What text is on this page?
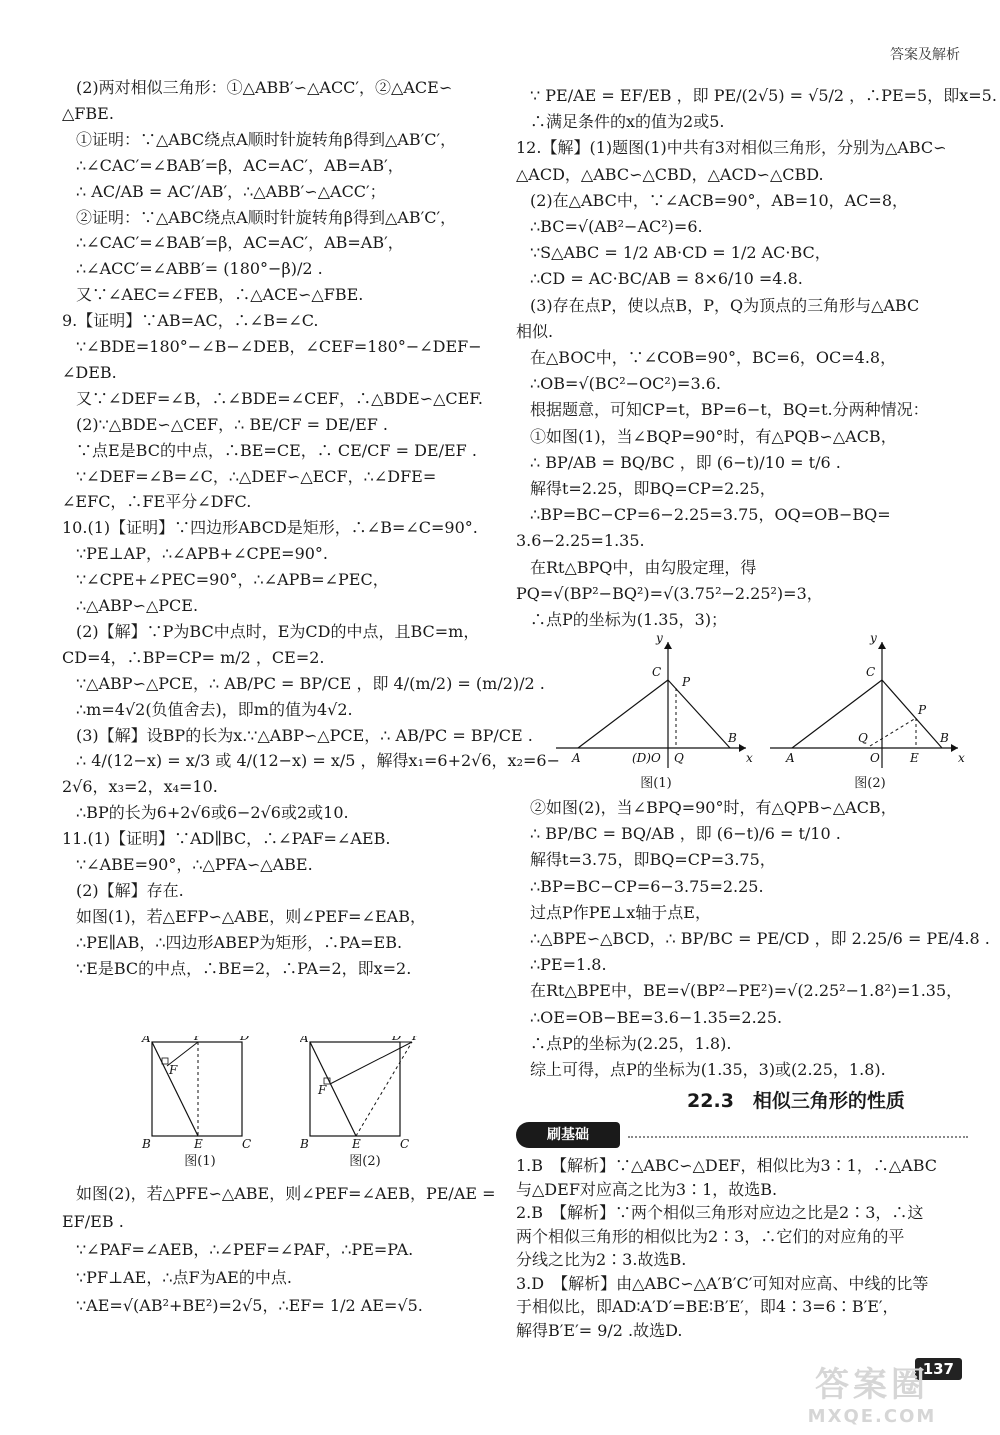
答案及解析
(2)两对相似三角形：①△ABB′∽△ACC′，②△ACE∽
△FBE.
①证明：∵△ABC绕点A顺时针旋转角β得到△AB′C′，
∴∠CAC′=∠BAB′=β，AC=AC′，AB=AB′，
∴ AC/AB = AC′/AB′，∴△ABB′∽△ACC′；
②证明：∵△ABC绕点A顺时针旋转角β得到△AB′C′，
∴∠CAC′=∠BAB′=β，AC=AC′，AB=AB′，
∴∠ACC′=∠ABB′= (180°−β)/2 .
又∵∠AEC=∠FEB，∴△ACE∽△FBE.
9.【证明】∵AB=AC，∴∠B=∠C.
∵∠BDE=180°−∠B−∠DEB，∠CEF=180°−∠DEF−
∠DEB.
又∵∠DEF=∠B，∴∠BDE=∠CEF，∴△BDE∽△CEF.
(2)∵△BDE∽△CEF，∴ BE/CF = DE/EF .
∵点E是BC的中点，∴BE=CE，∴ CE/CF = DE/EF .
∵∠DEF=∠B=∠C，∴△DEF∽△ECF，∴∠DFE=
∠EFC，∴FE平分∠DFC.
10.(1)【证明】∵四边形ABCD是矩形，∴∠B=∠C=90°.
∵PE⊥AP，∴∠APB+∠CPE=90°.
∵∠CPE+∠PEC=90°，∴∠APB=∠PEC，
∴△ABP∽△PCE.
(2)【解】∵P为BC中点时，E为CD的中点，且BC=m，
CD=4，∴BP=CP= m/2 ，CE=2.
∵△ABP∽△PCE，∴ AB/PC = BP/CE ，即 4/(m/2) = (m/2)/2 .
∴m=4√2(负值舍去)，即m的值为4√2.
(3)【解】设BP的长为x.∵△ABP∽△PCE，∴ AB/PC = BP/CE .
∴ 4/(12−x) = x/3 或 4/(12−x) = x/5 ，解得x₁=6+2√6，x₂=6−
2√6，x₃=2，x₄=10.
∴BP的长为6+2√6或6−2√6或2或10.
11.(1)【证明】∵AD∥BC，∴∠PAF=∠AEB.
∵∠ABE=90°，∴△PFA∽△ABE.
(2)【解】存在.
如图(1)，若△EFP∽△ABE，则∠PEF=∠EAB，
∴PE∥AB，∴四边形ABEP为矩形，∴PA=EB.
∵E是BC的中点，∴BE=2，∴PA=2，即x=2.
A	P	D
F
B	E	C
图(1)
A	D P
F
B	E	C
图(2)
如图(2)，若△PFE∽△ABE，则∠PEF=∠AEB，PE/AE =
EF/EB .
∵∠PAF=∠AEB，∴∠PEF=∠PAF，∴PE=PA.
∵PF⊥AE，∴点F为AE的中点.
∵AE=√(AB²+BE²)=2√5，∴EF= 1/2 AE=√5.
∵ PE/AE = EF/EB ，即 PE/(2√5) = √5/2 ，∴PE=5，即x=5.
∴满足条件的x的值为2或5.
12.【解】(1)题图(1)中共有3对相似三角形，分别为△ABC∽
△ACD，△ABC∽△CBD，△ACD∽△CBD.
(2)在△ABC中，∵∠ACB=90°，AB=10，AC=8，
∴BC=√(AB²−AC²)=6.
∵S△ABC = 1/2 AB·CD = 1/2 AC·BC，
∴CD = AC·BC/AB = 8×6/10 =4.8.
(3)存在点P，使以点B，P，Q为顶点的三角形与△ABC
相似.
在△BOC中，∵∠COB=90°，BC=6，OC=4.8，
∴OB=√(BC²−OC²)=3.6.
根据题意，可知CP=t，BP=6−t，BQ=t.分两种情况：
①如图(1)，当∠BQP=90°时，有△PQB∽△ACB，
∴ BP/AB = BQ/BC ，即 (6−t)/10 = t/6 .
解得t=2.25，即BQ=CP=2.25，
∴BP=BC−CP=6−2.25=3.75，OQ=OB−BQ=
3.6−2.25=1.35.
在Rt△BPQ中，由勾股定理，得
PQ=√(BP²−BQ²)=√(3.75²−2.25²)=3，
∴点P的坐标为(1.35，3)；
y
C
P
B
x
A	(D)O Q
图(1)
y
C
P
B
x
A
Q
O	E
图(2)
②如图(2)，当∠BPQ=90°时，有△QPB∽△ACB，
∴ BP/BC = BQ/AB ，即 (6−t)/6 = t/10 .
解得t=3.75，即BQ=CP=3.75，
∴BP=BC−CP=6−3.75=2.25.
过点P作PE⊥x轴于点E，
∴△BPE∽△BCD，∴ BP/BC = PE/CD ，即 2.25/6 = PE/4.8 .
∴PE=1.8.
在Rt△BPE中，BE=√(BP²−PE²)=√(2.25²−1.8²)=1.35，
∴OE=OB−BE=3.6−1.35=2.25.
∴点P的坐标为(2.25，1.8).
综上可得，点P的坐标为(1.35，3)或(2.25，1.8).
22.3　相似三角形的性质
刷基础
1.B　【解析】∵△ABC∽△DEF，相似比为3∶1，∴△ABC
与△DEF对应高之比为3∶1，故选B.
2.B　【解析】∵两个相似三角形对应边之比是2∶3，∴这
两个相似三角形的相似比为2∶3，∴它们的对应角的平
分线之比为2∶3.故选B.
3.D　【解析】由△ABC∽△A′B′C′可知对应高、中线的比等
于相似比，即AD∶A′D′=BE∶B′E′，即4∶3=6∶B′E′，
解得B′E′= 9/2 .故选D.
137
答案圈
MXQE.COM
